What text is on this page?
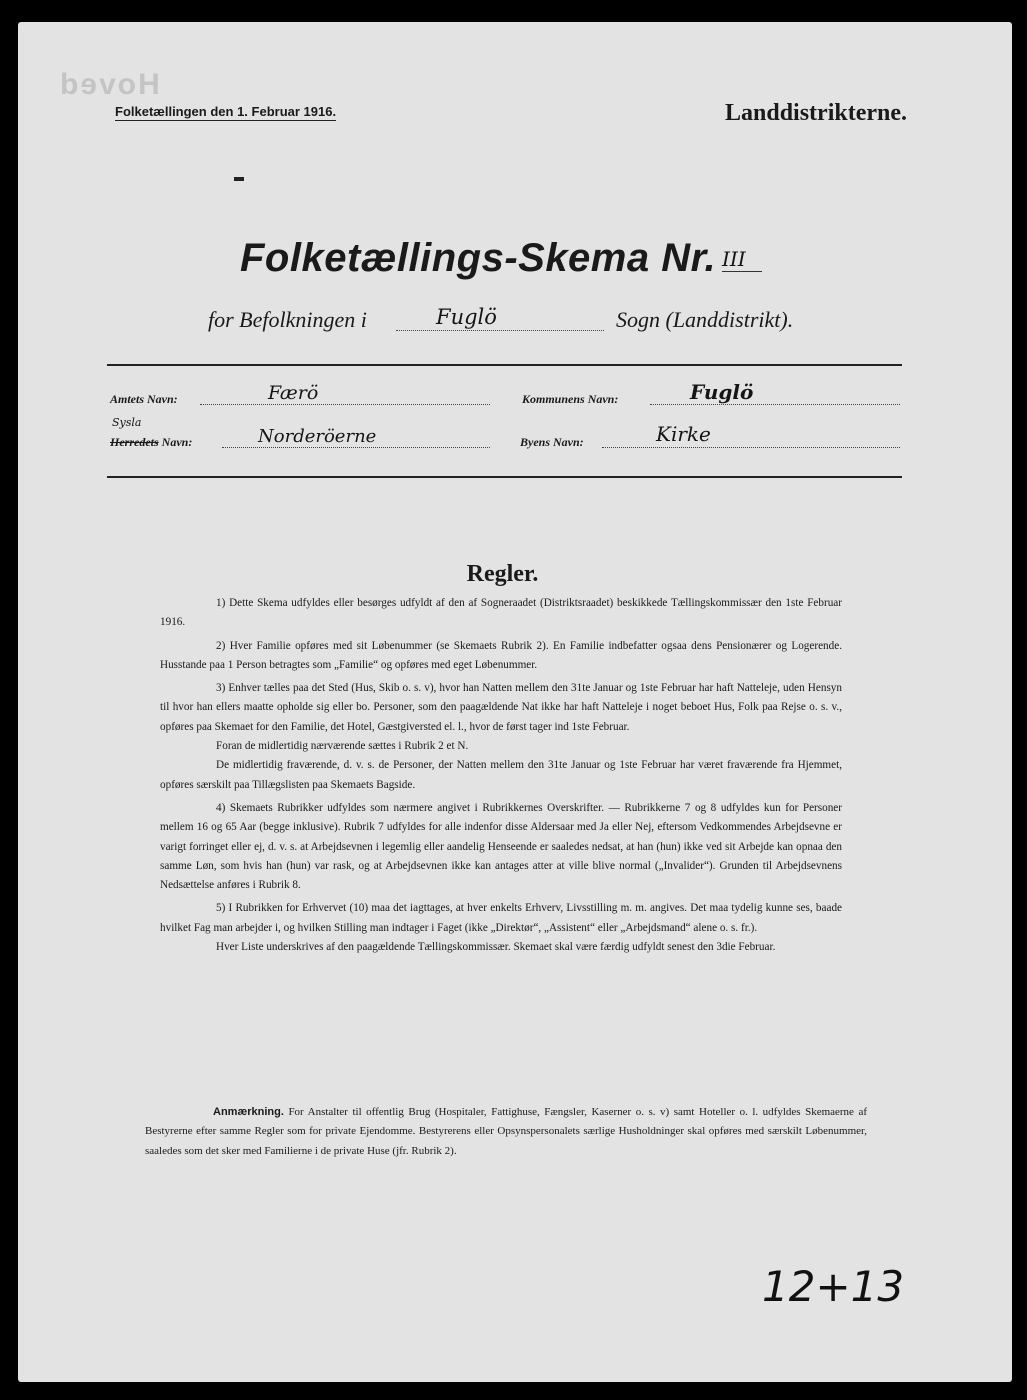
Hoved
Folketællingen den 1. Februar 1916.	Landdistrikterne.
Folketællings-Skema Nr. III
for Befolkningen i	Fuglö	Sogn (Landdistrikt).
Amtets Navn:	Færö	Kommunens Navn:	Fuglö
Sysla
Herredets Navn:	Norderöerne	Byens Navn:	Kirke
Regler.

1) Dette Skema udfyldes eller besørges udfyldt af den af Sogneraadet (Distriktsraadet) beskikkede Tællingskommissær den 1ste Februar 1916.

2) Hver Familie opføres med sit Løbenummer (se Skemaets Rubrik 2). En Familie indbefatter ogsaa dens Pensionærer og Logerende. Husstande paa 1 Person betragtes som „Familie“ og opføres med eget Løbenummer.

3) Enhver tælles paa det Sted (Hus, Skib o. s. v), hvor han Natten mellem den 31te Januar og 1ste Februar har haft Natteleje, uden Hensyn til hvor han ellers maatte opholde sig eller bo. Personer, som den paagældende Nat ikke har haft Natteleje i noget beboet Hus, Folk paa Rejse o. s. v., opføres paa Skemaet for den Familie, det Hotel, Gæstgiversted el. l., hvor de først tager ind 1ste Februar.

Foran de midlertidig nærværende sættes i Rubrik 2 et N.

De midlertidig fraværende, d. v. s. de Personer, der Natten mellem den 31te Januar og 1ste Februar har været fraværende fra Hjemmet, opføres særskilt paa Tillægslisten paa Skemaets Bagside.

4) Skemaets Rubrikker udfyldes som nærmere angivet i Rubrikkernes Overskrifter. — Rubrikkerne 7 og 8 udfyldes kun for Personer mellem 16 og 65 Aar (begge inklusive). Rubrik 7 udfyldes for alle indenfor disse Aldersaar med Ja eller Nej, eftersom Vedkommendes Arbejdsevne er varigt forringet eller ej, d. v. s. at Arbejdsevnen i legemlig eller aandelig Henseende er saaledes nedsat, at han (hun) ikke ved sit Arbejde kan opnaa den samme Løn, som hvis han (hun) var rask, og at Arbejdsevnen ikke kan antages atter at ville blive normal („Invalider“). Grunden til Arbejdsevnens Nedsættelse anføres i Rubrik 8.

5) I Rubrikken for Erhvervet (10) maa det iagttages, at hver enkelts Erhverv, Livsstilling m. m. angives. Det maa tydelig kunne ses, baade hvilket Fag man arbejder i, og hvilken Stilling man indtager i Faget (ikke „Direktør“, „Assistent“ eller „Arbejdsmand“ alene o. s. fr.).

Hver Liste underskrives af den paagældende Tællingskommissær. Skemaet skal være færdig udfyldt senest den 3die Februar.

Anmærkning. For Anstalter til offentlig Brug (Hospitaler, Fattighuse, Fængsler, Kaserner o. s. v) samt Hoteller o. l. udfyldes Skemaerne af Bestyrerne efter samme Regler som for private Ejendomme. Bestyrerens eller Opsynspersonalets særlige Husholdninger skal opføres med særskilt Løbenummer, saaledes som det sker med Familierne i de private Huse (jfr. Rubrik 2).

12+13
